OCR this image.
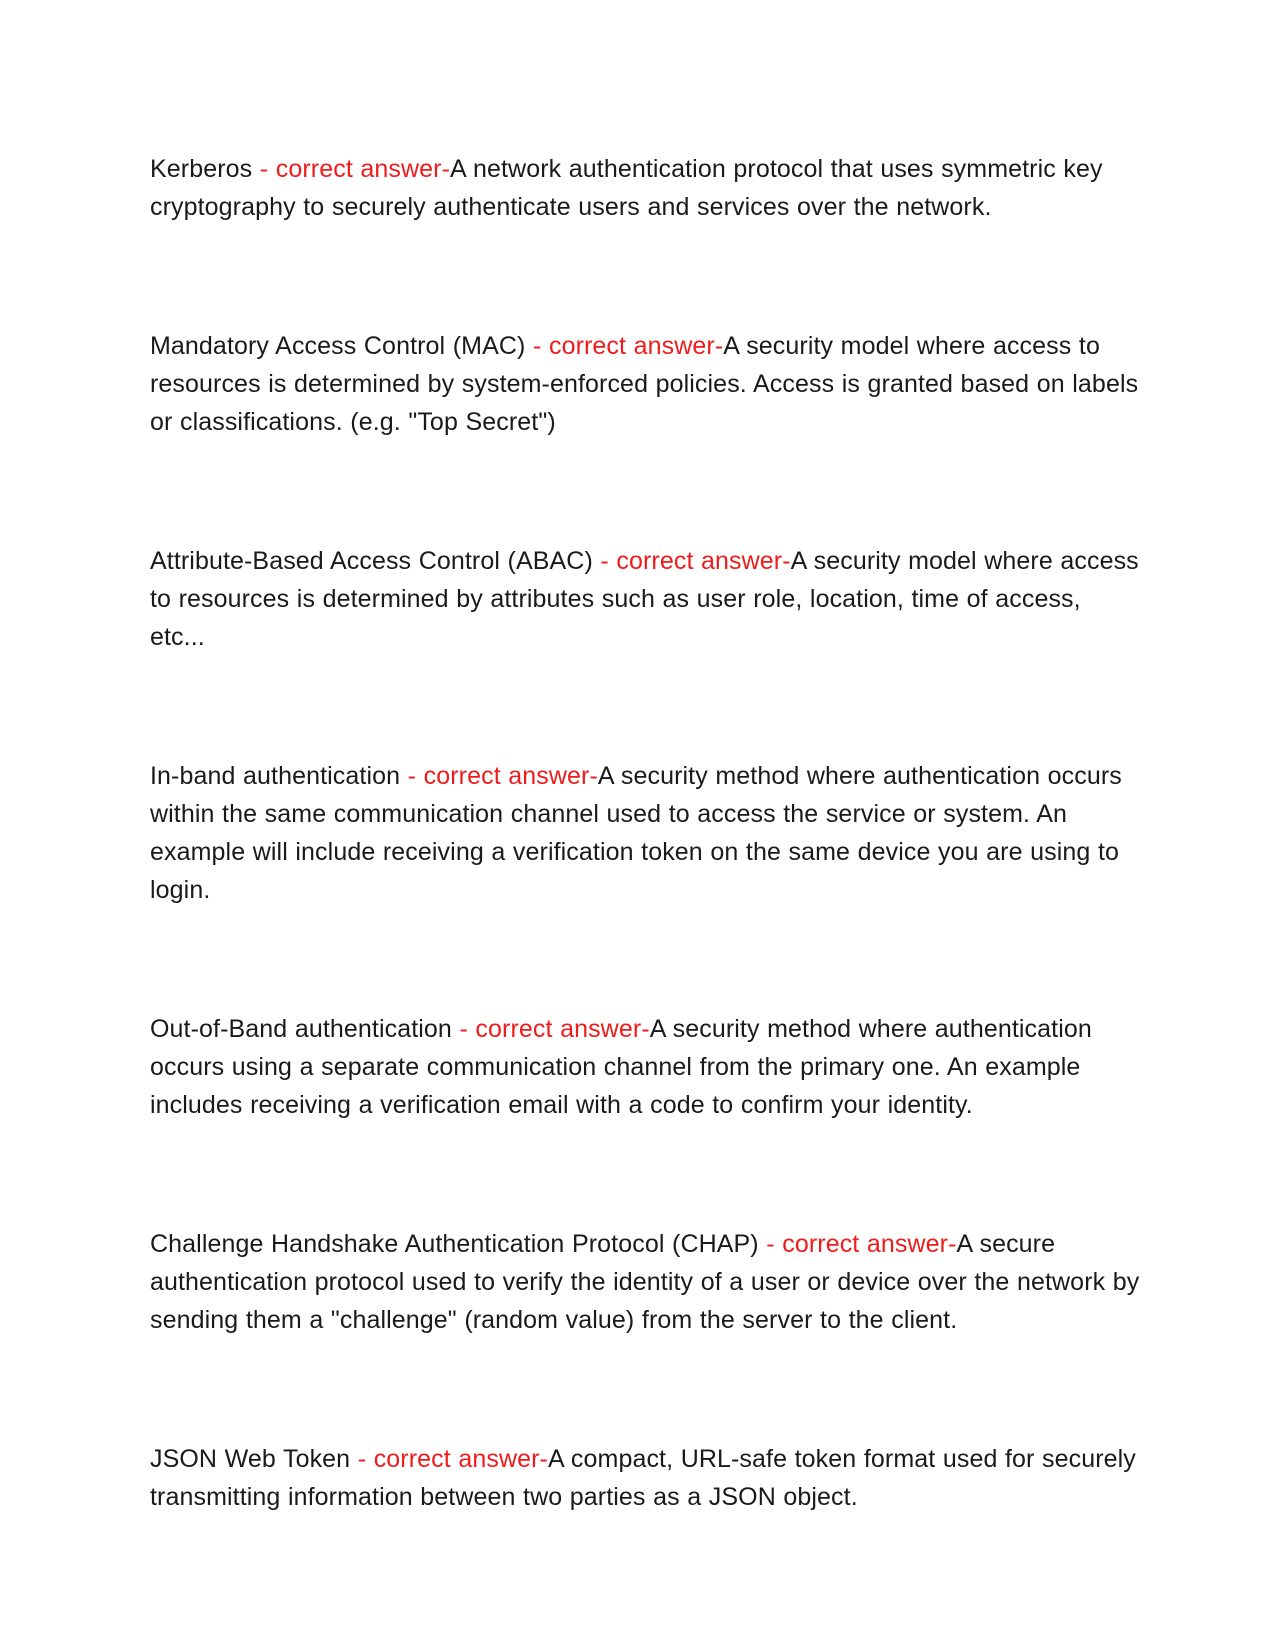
Kerberos - correct answer-A network authentication protocol that uses symmetric key cryptography to securely authenticate users and services over the network.

Mandatory Access Control (MAC) - correct answer-A security model where access to resources is determined by system-enforced policies. Access is granted based on labels or classifications. (e.g. "Top Secret")

Attribute-Based Access Control (ABAC) - correct answer-A security model where access to resources is determined by attributes such as user role, location, time of access, etc...

In-band authentication - correct answer-A security method where authentication occurs within the same communication channel used to access the service or system. An example will include receiving a verification token on the same device you are using to login.

Out-of-Band authentication - correct answer-A security method where authentication occurs using a separate communication channel from the primary one. An example includes receiving a verification email with a code to confirm your identity.

Challenge Handshake Authentication Protocol (CHAP) - correct answer-A secure authentication protocol used to verify the identity of a user or device over the network by sending them a "challenge" (random value) from the server to the client.

JSON Web Token - correct answer-A compact, URL-safe token format used for securely transmitting information between two parties as a JSON object.
